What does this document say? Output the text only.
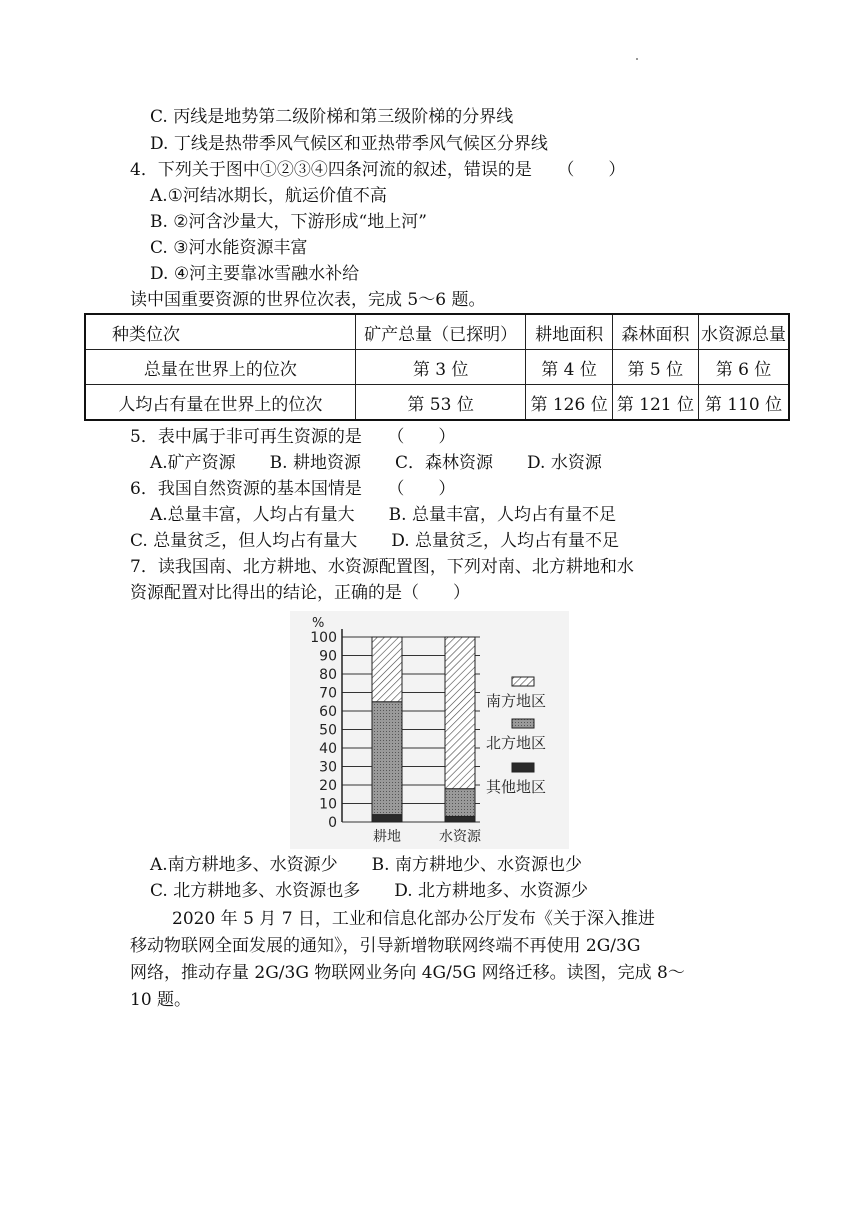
C. 丙线是地势第二级阶梯和第三级阶梯的分界线
D. 丁线是热带季风气候区和亚热带季风气候区分界线
4．下列关于图中①②③④四条河流的叙述，错误的是　　（　　）
A.①河结冰期长，航运价值不高
B. ②河含沙量大，下游形成“地上河”
C. ③河水能资源丰富
D. ④河主要靠冰雪融水补给
读中国重要资源的世界位次表，完成 5～6 题。
种类位次	矿产总量（已探明）	耕地面积	森林面积	水资源总量
总量在世界上的位次	第 3 位	第 4 位	第 5 位	第 6 位
人均占有量在世界上的位次	第 53 位	第 126 位	第 121 位	第 110 位
5．表中属于非可再生资源的是　　（　　）
A.矿产资源　　B. 耕地资源　　C．森林资源　　D. 水资源
6．我国自然资源的基本国情是　　（　　）
A.总量丰富，人均占有量大　　B. 总量丰富，人均占有量不足
C. 总量贫乏，但人均占有量大　　D. 总量贫乏，人均占有量不足
7．读我国南、北方耕地、水资源配置图，下列对南、北方耕地和水
资源配置对比得出的结论，正确的是（　　）
0
10
20
30
40
50
60
70
80
90
100
%
耕地	水资源
南方地区
北方地区
其他地区
A.南方耕地多、水资源少　　B. 南方耕地少、水资源也少
C. 北方耕地多、水资源也多　　D. 北方耕地多、水资源少
2020 年 5 月 7 日，工业和信息化部办公厅发布《关于深入推进
移动物联网全面发展的通知》，引导新增物联网终端不再使用 2G/3G
网络，推动存量 2G/3G 物联网业务向 4G/5G 网络迁移。读图，完成 8～
10 题。
